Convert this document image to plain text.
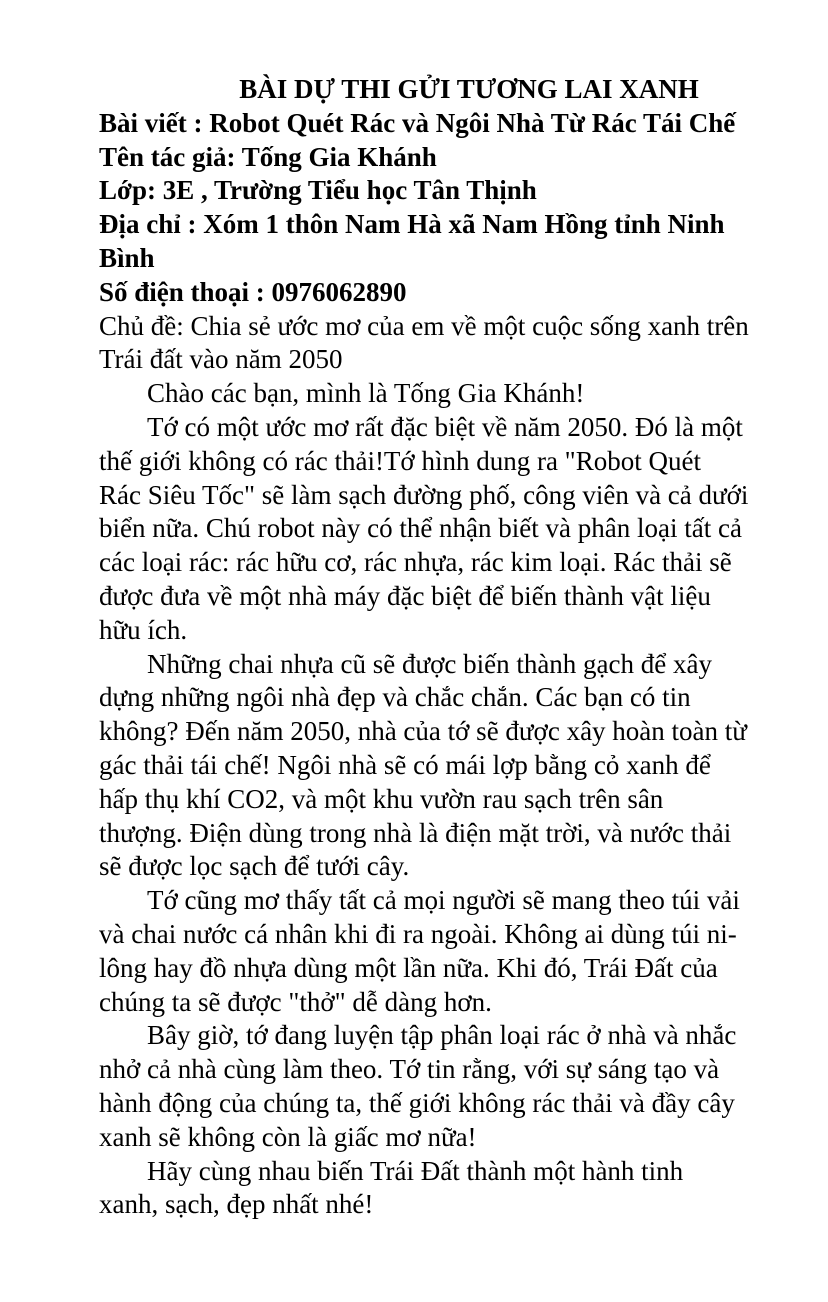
BÀI DỰ THI GỬI TƯƠNG LAI XANH

Bài viết : Robot Quét Rác và Ngôi Nhà Từ Rác Tái Chế

Tên tác giả: Tống Gia Khánh

Lớp: 3E , Trường Tiểu học Tân Thịnh

Địa chỉ : Xóm 1 thôn Nam Hà xã Nam Hồng tỉnh Ninh Bình

Số điện thoại : 0976062890

Chủ đề: Chia sẻ ước mơ của em về một cuộc sống xanh trên Trái đất vào năm 2050

Chào các bạn, mình là Tống Gia Khánh!

Tớ có một ước mơ rất đặc biệt về năm 2050. Đó là một thế giới không có rác thải!Tớ hình dung ra "Robot Quét Rác Siêu Tốc" sẽ làm sạch đường phố, công viên và cả dưới biển nữa. Chú robot này có thể nhận biết và phân loại tất cả các loại rác: rác hữu cơ, rác nhựa, rác kim loại. Rác thải sẽ được đưa về một nhà máy đặc biệt để biến thành vật liệu hữu ích.

Những chai nhựa cũ sẽ được biến thành gạch để xây dựng những ngôi nhà đẹp và chắc chắn. Các bạn có tin không? Đến năm 2050, nhà của tớ sẽ được xây hoàn toàn từ gác thải tái chế! Ngôi nhà sẽ có mái lợp bằng cỏ xanh để hấp thụ khí CO2, và một khu vườn rau sạch trên sân thượng. Điện dùng trong nhà là điện mặt trời, và nước thải sẽ được lọc sạch để tưới cây.

Tớ cũng mơ thấy tất cả mọi người sẽ mang theo túi vải và chai nước cá nhân khi đi ra ngoài. Không ai dùng túi ni-lông hay đồ nhựa dùng một lần nữa. Khi đó, Trái Đất của chúng ta sẽ được "thở" dễ dàng hơn.

Bây giờ, tớ đang luyện tập phân loại rác ở nhà và nhắc nhở cả nhà cùng làm theo. Tớ tin rằng, với sự sáng tạo và hành động của chúng ta, thế giới không rác thải và đầy cây xanh sẽ không còn là giấc mơ nữa!

Hãy cùng nhau biến Trái Đất thành một hành tinh xanh, sạch, đẹp nhất nhé!
